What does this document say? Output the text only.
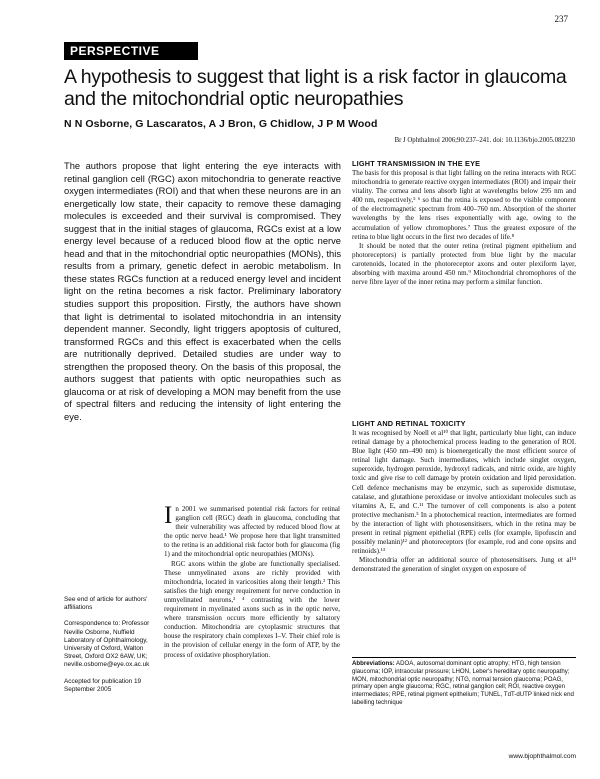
237
PERSPECTIVE
A hypothesis to suggest that light is a risk factor in glaucoma and the mitochondrial optic neuropathies
N N Osborne, G Lascaratos, A J Bron, G Chidlow, J P M Wood
Br J Ophthalmol 2006;90:237–241. doi: 10.1136/bjo.2005.082230
The authors propose that light entering the eye interacts with retinal ganglion cell (RGC) axon mitochondria to generate reactive oxygen intermediates (ROI) and that when these neurons are in an energetically low state, their capacity to remove these damaging molecules is exceeded and their survival is compromised. They suggest that in the initial stages of glaucoma, RGCs exist at a low energy level because of a reduced blood flow at the optic nerve head and that in the mitochondrial optic neuropathies (MONs), this results from a primary, genetic defect in aerobic metabolism. In these states RGCs function at a reduced energy level and incident light on the retina becomes a risk factor. Preliminary laboratory studies support this proposition. Firstly, the authors have shown that light is detrimental to isolated mitochondria in an intensity dependent manner. Secondly, light triggers apoptosis of cultured, transformed RGCs and this effect is exacerbated when the cells are nutritionally deprived. Detailed studies are under way to strengthen the proposed theory. On the basis of this proposal, the authors suggest that patients with optic neuropathies such as glaucoma or at risk of developing a MON may benefit from the use of spectral filters and reducing the intensity of light entering the eye.
LIGHT TRANSMISSION IN THE EYE

The basis for this proposal is that light falling on the retina interacts with RGC mitochondria to generate reactive oxygen intermediates (ROI) and impair their vitality. The cornea and lens absorb light at wavelengths below 295 nm and 400 nm, respectively,⁵ ⁶ so that the retina is exposed to the visible component of the electromagnetic spectrum from 400–760 nm. Absorption of the shorter wavelengths by the lens rises exponentially with age, owing to the accumulation of yellow chromophores.⁷ Thus the greatest exposure of the retina to blue light occurs in the first two decades of life.⁸

It should be noted that the outer retina (retinal pigment epithelium and photoreceptors) is partially protected from blue light by the macular carotenoids, located in the photoreceptor axons and outer plexiform layer, absorbing with maxima around 450 nm.⁹ Mitochondrial chromophores of the nerve fibre layer of the inner retina may perform a similar function.

LIGHT AND RETINAL TOXICITY

It was recognised by Noell et al¹⁰ that light, particularly blue light, can induce retinal damage by a photochemical process leading to the generation of ROI. Blue light (450 nm–490 nm) is bioenergetically the most efficient source of retinal light damage. Such intermediates, which include singlet oxygen, superoxide, hydrogen peroxide, hydroxyl radicals, and nitric oxide, are highly toxic and give rise to cell damage by protein oxidation and lipid peroxidation. Cell defence mechanisms may be enzymic, such as superoxide dismutase, catalase, and glutathione peroxidase or involve antioxidant molecules such as vitamins A, E, and C.¹¹ The turnover of cell components is also a potent protective mechanism.⁵ In a photochemical reaction, intermediates are formed by the interaction of light with photosensitisers, which in the retina may be present in retinal pigment epithelial (RPE) cells (for example, lipofuscin and possibly melanin)¹² and photoreceptors (for example, rod and cone opsins and retinoids).¹³

Mitochondria offer an additional source of photosensitisers. Jung et al¹⁴ demonstrated the generation of singlet oxygen on exposure of

See end of article for authors' affiliations
Correspondence to: Professor Neville Osborne, Nuffield Laboratory of Ophthalmology, University of Oxford, Walton Street, Oxford OX2 6AW, UK; neville.osborne@eye.ox.ac.uk
Accepted for publication 19 September 2005

In 2001 we summarised potential risk factors for retinal ganglion cell (RGC) death in glaucoma, concluding that their vulnerability was affected by reduced blood flow at the optic nerve head.¹ We propose here that light transmitted to the retina is an additional risk factor both for glaucoma (fig 1) and the mitochondrial optic neuropathies (MONs).

RGC axons within the globe are functionally specialised. These unmyelinated axons are richly provided with mitochondria, located in varicosities along their length.² This satisfies the high energy requirement for nerve conduction in unmyelinated neurons,³ ⁴ contrasting with the lower requirement in myelinated axons such as in the optic nerve, where transmission occurs more efficiently by saltatory conduction. Mitochondria are cytoplasmic structures that house the respiratory chain complexes I–V. Their chief role is in the provision of cellular energy in the form of ATP, by the process of oxidative phosphorylation.

Abbreviations: ADOA, autosomal dominant optic atrophy; HTG, high tension glaucoma; IOP, intraocular pressure; LHON, Leber's hereditary optic neuropathy; MON, mitochondrial optic neuropathy; NTG, normal tension glaucoma; POAG, primary open angle glaucoma; RGC, retinal ganglion cell; ROI, reactive oxygen intermediates; RPE, retinal pigment epithelium; TUNEL, TdT-dUTP linked nick end labelling technique
www.bjophthalmol.com
